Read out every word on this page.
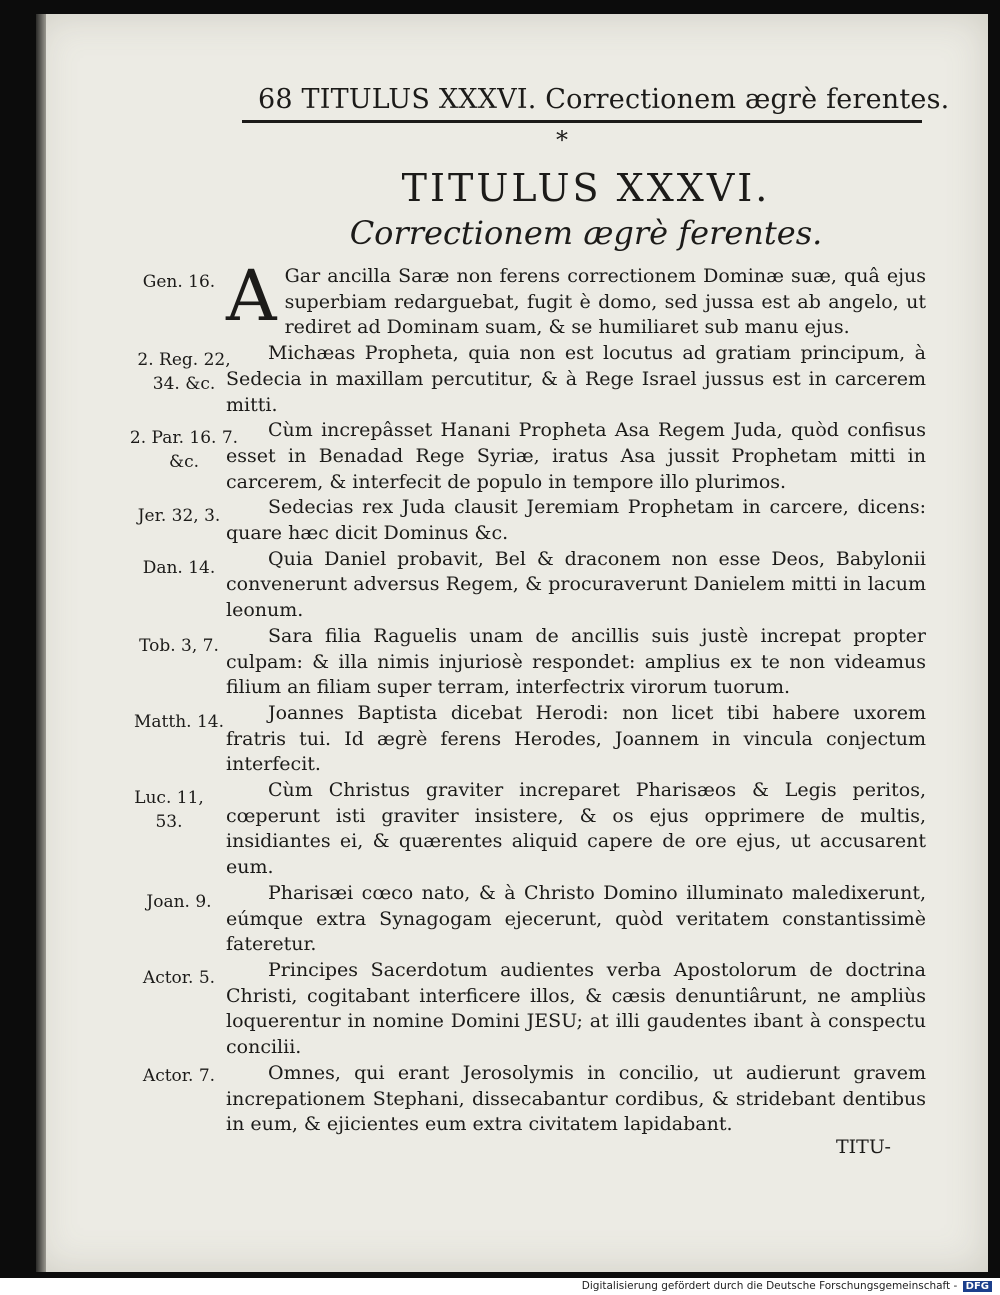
68 TITULUS XXXVI. Correctionem ægrè ferentes.
*
TITULUS XXXVI.
Correctionem ægrè ferentes.
Gen. 16.
2. Reg. 22, 34. &c.
2. Par. 16. 7. &c.
Jer. 32, 3.
Dan. 14.
Tob. 3, 7.
Matth. 14.
Luc. 11, 53.
Joan. 9.
Actor. 5.
Actor. 7.

A Gar ancilla Saræ non ferens correctionem Dominæ suæ, quâ ejus superbiam redarguebat, fugit è domo, sed jussa est ab angelo, ut rediret ad Dominam suam, & se humiliaret sub manu ejus.

Michæas Propheta, quia non est locutus ad gratiam principum, à Sedecia in maxillam percutitur, & à Rege Israel jussus est in carcerem mitti.

Cùm increpâsset Hanani Propheta Asa Regem Juda, quòd confisus esset in Benadad Rege Syriæ, iratus Asa jussit Prophetam mitti in carcerem, & interfecit de populo in tempore illo plurimos.

Sedecias rex Juda clausit Jeremiam Prophetam in carcere, dicens: quare hæc dicit Dominus &c.

Quia Daniel probavit, Bel & draconem non esse Deos, Babylonii convenerunt adversus Regem, & procuraverunt Danielem mitti in lacum leonum.

Sara filia Raguelis unam de ancillis suis justè increpat propter culpam: & illa nimis injuriosè respondet: amplius ex te non videamus filium an filiam super terram, interfectrix virorum tuorum.

Joannes Baptista dicebat Herodi: non licet tibi habere uxorem fratris tui. Id ægrè ferens Herodes, Joannem in vincula conjectum interfecit.

Cùm Christus graviter increparet Pharisæos & Legis peritos, cœperunt isti graviter insistere, & os ejus opprimere de multis, insidiantes ei, & quærentes aliquid capere de ore ejus, ut accusarent eum.

Pharisæi cœco nato, & à Christo Domino illuminato maledixerunt, eúmque extra Synagogam ejecerunt, quòd veritatem constantissimè fateretur.

Principes Sacerdotum audientes verba Apostolorum de doctrina Christi, cogitabant interficere illos, & cæsis denuntiârunt, ne ampliùs loquerentur in nomine Domini JESU; at illi gaudentes ibant à conspectu concilii.

Omnes, qui erant Jerosolymis in concilio, ut audierunt gravem increpationem Stephani, dissecabantur cordibus, & stridebant dentibus in eum, & ejicientes eum extra civitatem lapidabant.

TITU-
Digitalisierung gefördert durch die Deutsche Forschungsgemeinschaft - DFG
